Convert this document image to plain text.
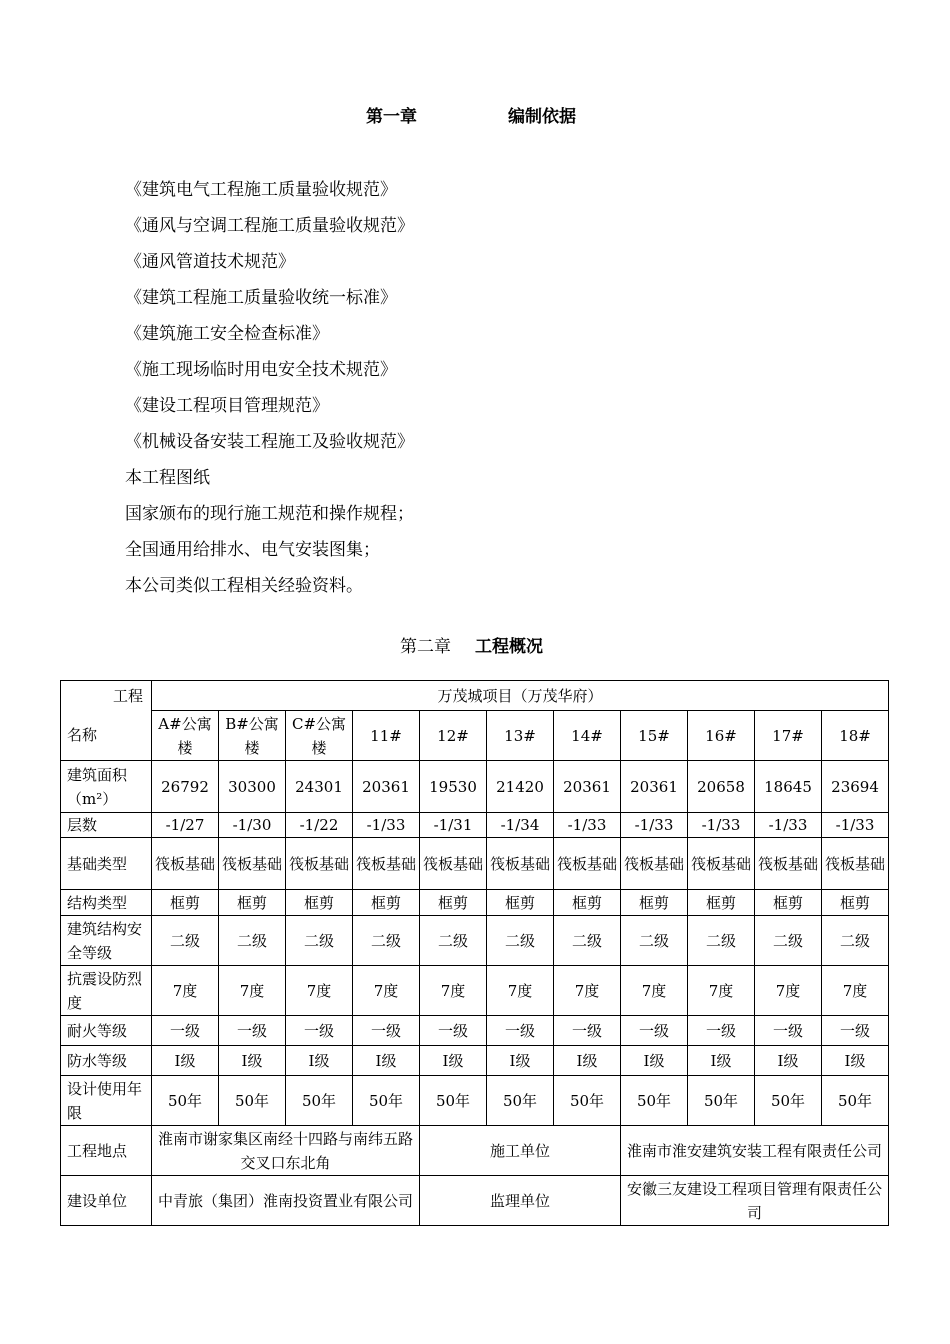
第一章	编制依据
《建筑电气工程施工质量验收规范》
《通风与空调工程施工质量验收规范》
《通风管道技术规范》
《建筑工程施工质量验收统一标准》
《建筑施工安全检查标准》
《施工现场临时用电安全技术规范》
《建设工程项目管理规范》
《机械设备安装工程施工及验收规范》
本工程图纸
国家颁布的现行施工规范和操作规程；
全国通用给排水、电气安装图集；
本公司类似工程相关经验资料。
第二章 工程概况
工程	万茂城项目（万茂华府）										
名称	A#公寓楼	B#公寓楼	C#公寓楼	11#	12#	13#	14#	15#	16#	17#	18#
建筑面积（m²）	26792	30300	24301	20361	19530	21420	20361	20361	20658	18645	23694
层数	-1/27	-1/30	-1/22	-1/33	-1/31	-1/34	-1/33	-1/33	-1/33	-1/33	-1/33
基础类型	筏板基础	筏板基础	筏板基础	筏板基础	筏板基础	筏板基础	筏板基础	筏板基础	筏板基础	筏板基础	筏板基础
结构类型	框剪	框剪	框剪	框剪	框剪	框剪	框剪	框剪	框剪	框剪	框剪
建筑结构安全等级	二级	二级	二级	二级	二级	二级	二级	二级	二级	二级	二级
抗震设防烈度	7度	7度	7度	7度	7度	7度	7度	7度	7度	7度	7度
耐火等级	一级	一级	一级	一级	一级	一级	一级	一级	一级	一级	一级
防水等级	Ⅰ级	Ⅰ级	Ⅰ级	Ⅰ级	Ⅰ级	Ⅰ级	Ⅰ级	Ⅰ级	Ⅰ级	Ⅰ级	Ⅰ级
设计使用年限	50年	50年	50年	50年	50年	50年	50年	50年	50年	50年	50年
工程地点	淮南市谢家集区南经十四路与南纬五路交叉口东北角				施工单位			淮南市淮安建筑安装工程有限责任公司			
建设单位	中青旅（集团）淮南投资置业有限公司				监理单位			安徽三友建设工程项目管理有限责任公司			
